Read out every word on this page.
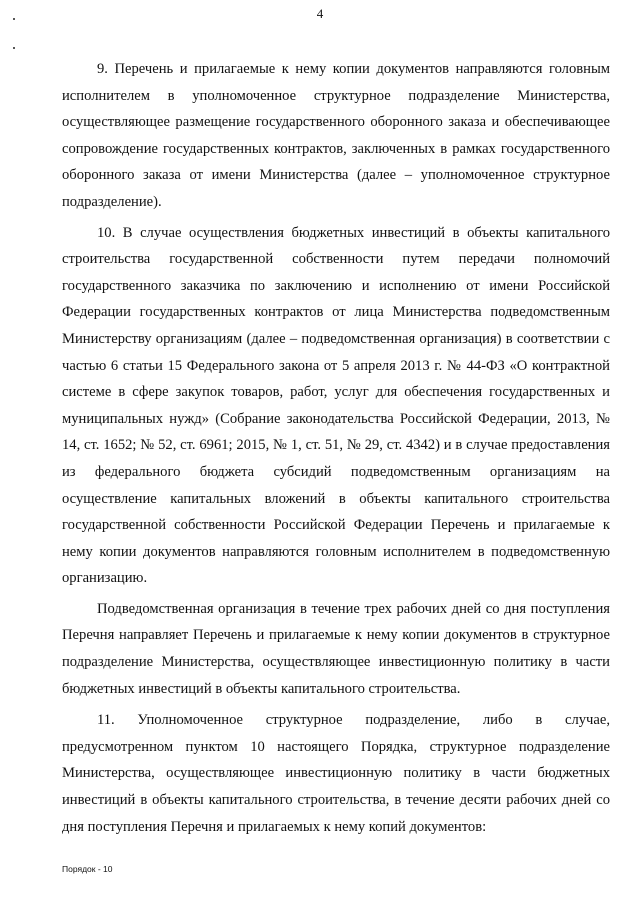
4

9. Перечень и прилагаемые к нему копии документов направляются головным исполнителем в уполномоченное структурное подразделение Министерства, осуществляющее размещение государственного оборонного заказа и обеспечивающее сопровождение государственных контрактов, заключенных в рамках государственного оборонного заказа от имени Министерства (далее – уполномоченное структурное подразделение).

10. В случае осуществления бюджетных инвестиций в объекты капитального строительства государственной собственности путем передачи полномочий государственного заказчика по заключению и исполнению от имени Российской Федерации государственных контрактов от лица Министерства подведомственным Министерству организациям (далее – подведомственная организация) в соответствии с частью 6 статьи 15 Федерального закона от 5 апреля 2013 г. № 44-ФЗ «О контрактной системе в сфере закупок товаров, работ, услуг для обеспечения государственных и муниципальных нужд» (Собрание законодательства Российской Федерации, 2013, № 14, ст. 1652; № 52, ст. 6961; 2015, № 1, ст. 51, № 29, ст. 4342) и в случае предоставления из федерального бюджета субсидий подведомственным организациям на осуществление капитальных вложений в объекты капитального строительства государственной собственности Российской Федерации Перечень и прилагаемые к нему копии документов направляются головным исполнителем в подведомственную организацию.

Подведомственная организация в течение трех рабочих дней со дня поступления Перечня направляет Перечень и прилагаемые к нему копии документов в структурное подразделение Министерства, осуществляющее инвестиционную политику в части бюджетных инвестиций в объекты капитального строительства.

11. Уполномоченное структурное подразделение, либо в случае, предусмотренном пунктом 10 настоящего Порядка, структурное подразделение Министерства, осуществляющее инвестиционную политику в части бюджетных инвестиций в объекты капитального строительства, в течение десяти рабочих дней со дня поступления Перечня и прилагаемых к нему копий документов:

Порядок - 10
